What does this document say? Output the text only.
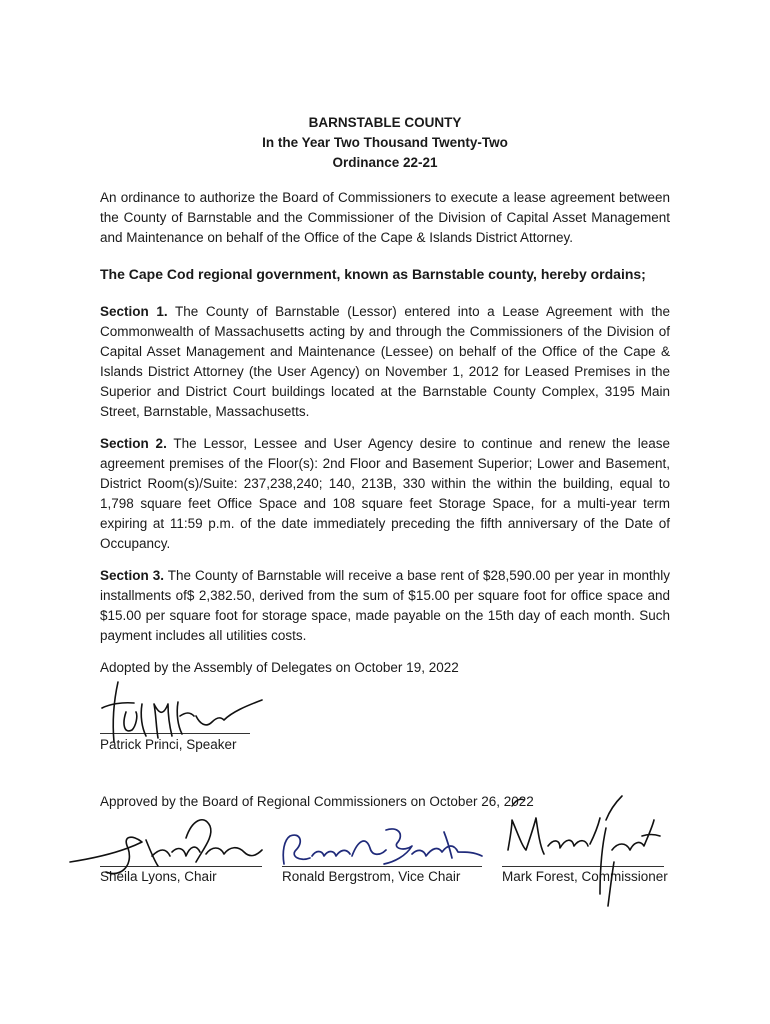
BARNSTABLE COUNTY
In the Year Two Thousand Twenty-Two
Ordinance 22-21
An ordinance to authorize the Board of Commissioners to execute a lease agreement between the County of Barnstable and the Commissioner of the Division of Capital Asset Management and Maintenance on behalf of the Office of the Cape & Islands District Attorney.
The Cape Cod regional government, known as Barnstable county, hereby ordains;
Section 1. The County of Barnstable (Lessor) entered into a Lease Agreement with the Commonwealth of Massachusetts acting by and through the Commissioners of the Division of Capital Asset Management and Maintenance (Lessee) on behalf of the Office of the Cape & Islands District Attorney (the User Agency) on November 1, 2012 for Leased Premises in the Superior and District Court buildings located at the Barnstable County Complex, 3195 Main Street, Barnstable, Massachusetts.
Section 2. The Lessor, Lessee and User Agency desire to continue and renew the lease agreement premises of the Floor(s): 2nd Floor and Basement Superior; Lower and Basement, District Room(s)/Suite: 237,238,240; 140, 213B, 330 within the within the building, equal to 1,798 square feet Office Space and 108 square feet Storage Space, for a multi-year term expiring at 11:59 p.m. of the date immediately preceding the fifth anniversary of the Date of Occupancy.
Section 3. The County of Barnstable will receive a base rent of $28,590.00 per year in monthly installments of$ 2,382.50, derived from the sum of $15.00 per square foot for office space and $15.00 per square foot for storage space, made payable on the 15th day of each month. Such payment includes all utilities costs.
Adopted by the Assembly of Delegates on October 19, 2022
Patrick Princi, Speaker
Approved by the Board of Regional Commissioners on October 26, 2022
Sheila Lyons, Chair	Ronald Bergstrom, Vice Chair	Mark Forest, Commissioner
